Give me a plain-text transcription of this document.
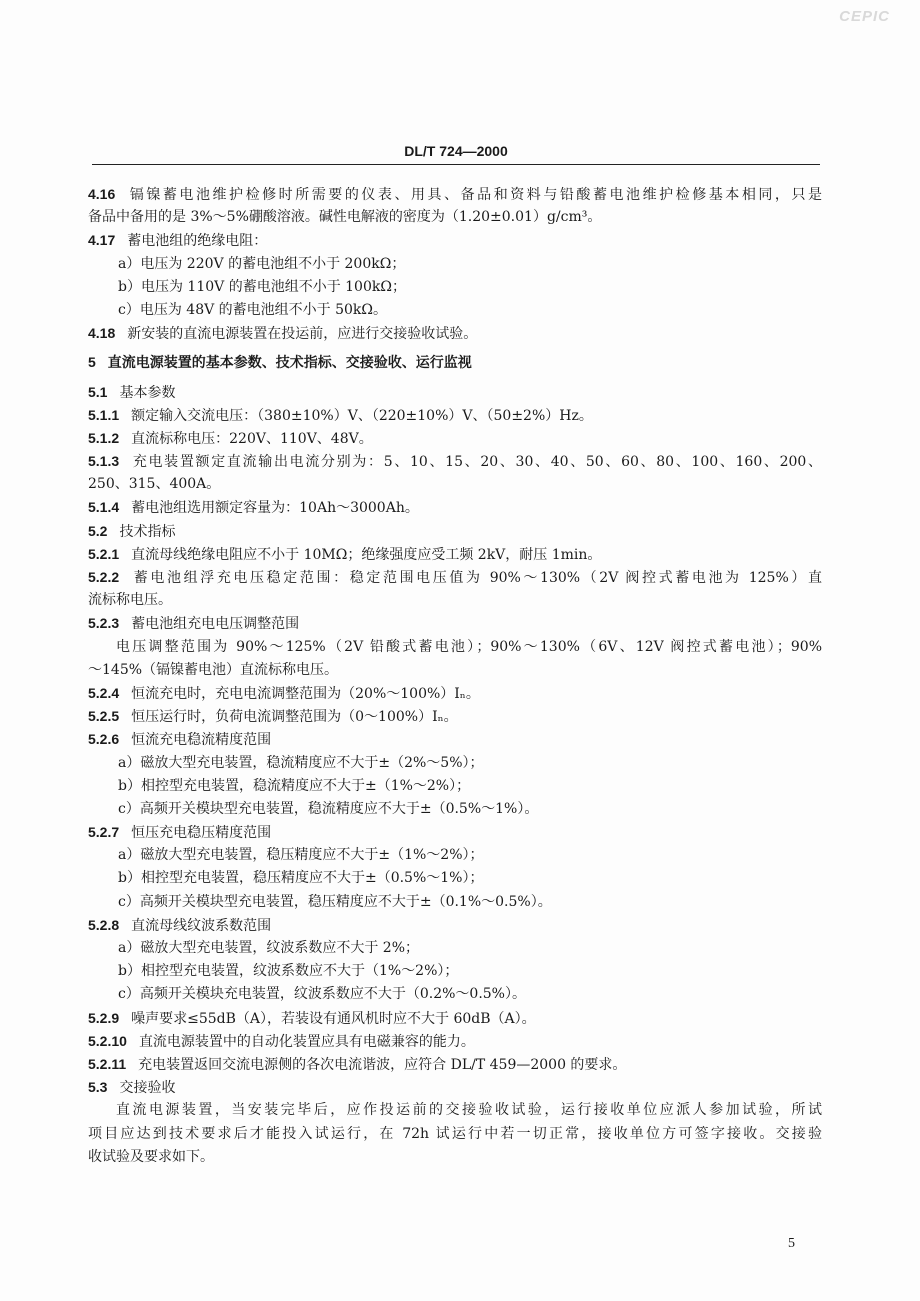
CEPIC
DL/T 724—2000
4.16 镉镍蓄电池维护检修时所需要的仪表、用具、备品和资料与铅酸蓄电池维护检修基本相同，只是
备品中备用的是 3%～5%硼酸溶液。碱性电解液的密度为（1.20±0.01）g/cm³。
4.17 蓄电池组的绝缘电阻：
a）电压为 220V 的蓄电池组不小于 200kΩ；
b）电压为 110V 的蓄电池组不小于 100kΩ；
c）电压为 48V 的蓄电池组不小于 50kΩ。
4.18 新安装的直流电源装置在投运前，应进行交接验收试验。
5 直流电源装置的基本参数、技术指标、交接验收、运行监视
5.1 基本参数
5.1.1 额定输入交流电压：（380±10%）V、（220±10%）V、（50±2%）Hz。
5.1.2 直流标称电压：220V、110V、48V。
5.1.3 充电装置额定直流输出电流分别为：5、10、15、20、30、40、50、60、80、100、160、200、
250、315、400A。
5.1.4 蓄电池组选用额定容量为：10Ah～3000Ah。
5.2 技术指标
5.2.1 直流母线绝缘电阻应不小于 10MΩ；绝缘强度应受工频 2kV，耐压 1min。
5.2.2 蓄电池组浮充电压稳定范围：稳定范围电压值为 90%～130%（2V 阀控式蓄电池为 125%）直
流标称电压。
5.2.3 蓄电池组充电电压调整范围
电压调整范围为 90%～125%（2V 铅酸式蓄电池）；90%～130%（6V、12V 阀控式蓄电池）；90%
～145%（镉镍蓄电池）直流标称电压。
5.2.4 恒流充电时，充电电流调整范围为（20%～100%）Iₙ。
5.2.5 恒压运行时，负荷电流调整范围为（0～100%）Iₙ。
5.2.6 恒流充电稳流精度范围
a）磁放大型充电装置，稳流精度应不大于±（2%～5%）；
b）相控型充电装置，稳流精度应不大于±（1%～2%）；
c）高频开关模块型充电装置，稳流精度应不大于±（0.5%～1%）。
5.2.7 恒压充电稳压精度范围
a）磁放大型充电装置，稳压精度应不大于±（1%～2%）；
b）相控型充电装置，稳压精度应不大于±（0.5%～1%）；
c）高频开关模块型充电装置，稳压精度应不大于±（0.1%～0.5%）。
5.2.8 直流母线纹波系数范围
a）磁放大型充电装置，纹波系数应不大于 2%；
b）相控型充电装置，纹波系数应不大于（1%～2%）；
c）高频开关模块充电装置，纹波系数应不大于（0.2%～0.5%）。
5.2.9 噪声要求≤55dB（A），若装设有通风机时应不大于 60dB（A）。
5.2.10 直流电源装置中的自动化装置应具有电磁兼容的能力。
5.2.11 充电装置返回交流电源侧的各次电流谐波，应符合 DL/T 459—2000 的要求。
5.3 交接验收
直流电源装置，当安装完毕后，应作投运前的交接验收试验，运行接收单位应派人参加试验，所试
项目应达到技术要求后才能投入试运行，在 72h 试运行中若一切正常，接收单位方可签字接收。交接验
收试验及要求如下。
5
